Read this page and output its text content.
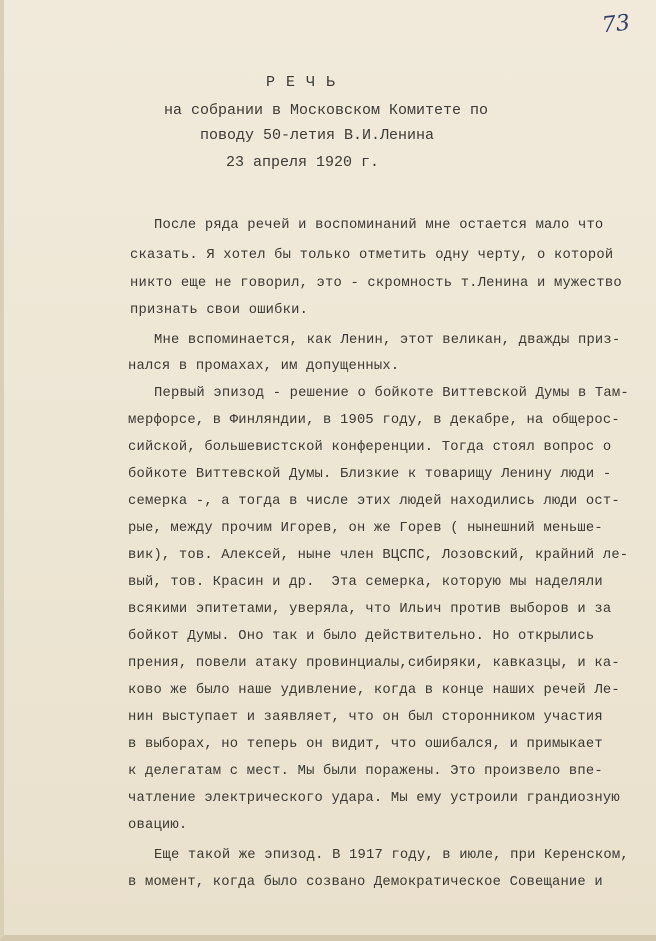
73
РЕЧЬ
на собрании в Московском Комитете по
поводу 50-летия В.И.Ленина
23 апреля 1920 г.
После ряда речей и воспоминаний мне остается мало что
сказать. Я хотел бы только отметить одну черту, о которой
никто еще не говорил, это - скромность т.Ленина и мужество
признать свои ошибки.
Мне вспоминается, как Ленин, этот великан, дважды приз-
нался в промахах, им допущенных.
Первый эпизод - решение о бойкоте Виттевской Думы в Там-
мерфорсе, в Финляндии, в 1905 году, в декабре, на общерос-
сийской, большевистской конференции. Тогда стоял вопрос о
бойкоте Виттевской Думы. Близкие к товарищу Ленину люди -
семерка -, а тогда в числе этих людей находились люди ост-
рые, между прочим Игорев, он же Горев ( нынешний меньше-
вик), тов. Алексей, ныне член ВЦСПС, Лозовский, крайний ле-
вый, тов. Красин и др.  Эта семерка, которую мы наделяли
всякими эпитетами, уверяла, что Ильич против выборов и за
бойкот Думы. Оно так и было действительно. Но открылись
прения, повели атаку провинциалы,сибиряки, кавказцы, и ка-
ково же было наше удивление, когда в конце наших речей Ле-
нин выступает и заявляет, что он был сторонником участия
в выборах, но теперь он видит, что ошибался, и примыкает
к делегатам с мест. Мы были поражены. Это произвело впе-
чатление электрического удара. Мы ему устроили грандиозную
овацию.
Еще такой же эпизод. В 1917 году, в июле, при Керенском,
в момент, когда было созвано Демократическое Совещание и
